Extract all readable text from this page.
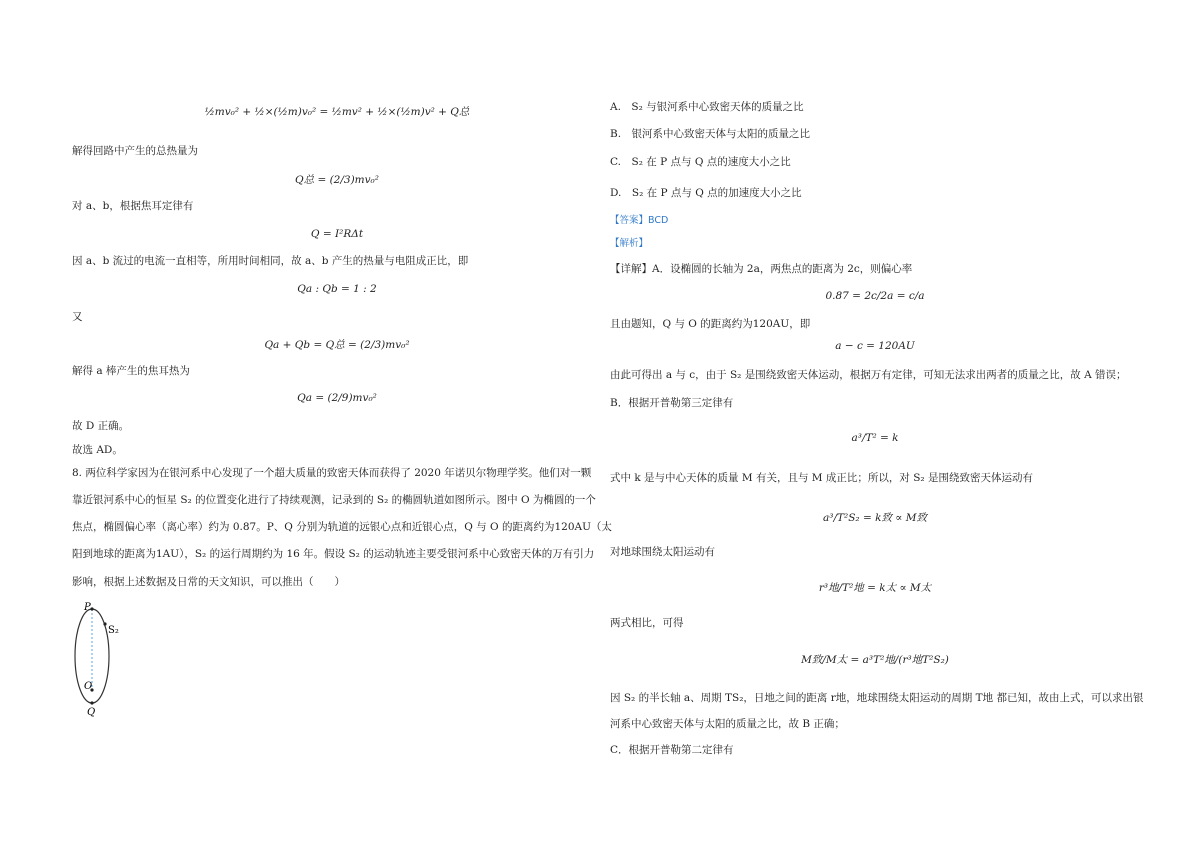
½mv₀² + ½×(½m)v₀² = ½mv² + ½×(½m)v² + Q总
解得回路中产生的总热量为
Q总 = (2/3)mv₀²
对 a、b，根据焦耳定律有
Q = I²RΔt
因 a、b 流过的电流一直相等，所用时间相同，故 a、b 产生的热量与电阻成正比，即
Qa : Qb = 1 : 2
又
Qa + Qb = Q总 = (2/3)mv₀²
解得 a 棒产生的焦耳热为
Qa = (2/9)mv₀²
故 D 正确。
故选 AD。
8. 两位科学家因为在银河系中心发现了一个超大质量的致密天体而获得了 2020 年诺贝尔物理学奖。他们对一颗
靠近银河系中心的恒星 S₂ 的位置变化进行了持续观测，记录到的 S₂ 的椭圆轨道如图所示。图中 O 为椭圆的一个
焦点，椭圆偏心率（离心率）约为 0.87。P、Q 分别为轨道的远银心点和近银心点，Q 与 O 的距离约为120AU（太
阳到地球的距离为1AU），S₂ 的运行周期约为 16 年。假设 S₂ 的运动轨迹主要受银河系中心致密天体的万有引力
影响，根据上述数据及日常的天文知识，可以推出（　　）
P
S₂
O
Q
A.　S₂ 与银河系中心致密天体的质量之比
B.　银河系中心致密天体与太阳的质量之比
C.　S₂ 在 P 点与 Q 点的速度大小之比
D.　S₂ 在 P 点与 Q 点的加速度大小之比
【答案】BCD
【解析】
【详解】A．设椭圆的长轴为 2a，两焦点的距离为 2c，则偏心率
0.87 = 2c/2a = c/a
且由题知，Q 与 O 的距离约为120AU，即
a − c = 120AU
由此可得出 a 与 c，由于 S₂ 是围绕致密天体运动，根据万有定律，可知无法求出两者的质量之比，故 A 错误；
B．根据开普勒第三定律有
a³/T² = k
式中 k 是与中心天体的质量 M 有关，且与 M 成正比；所以，对 S₂ 是围绕致密天体运动有
a³/T²S₂ = k致 ∝ M致
对地球围绕太阳运动有
r³地/T²地 = k太 ∝ M太
两式相比，可得
M致/M太 = a³T²地/(r³地T²S₂)
因 S₂ 的半长轴 a、周期 TS₂，日地之间的距离 r地，地球围绕太阳运动的周期 T地 都已知，故由上式，可以求出银
河系中心致密天体与太阳的质量之比，故 B 正确；
C．根据开普勒第二定律有
